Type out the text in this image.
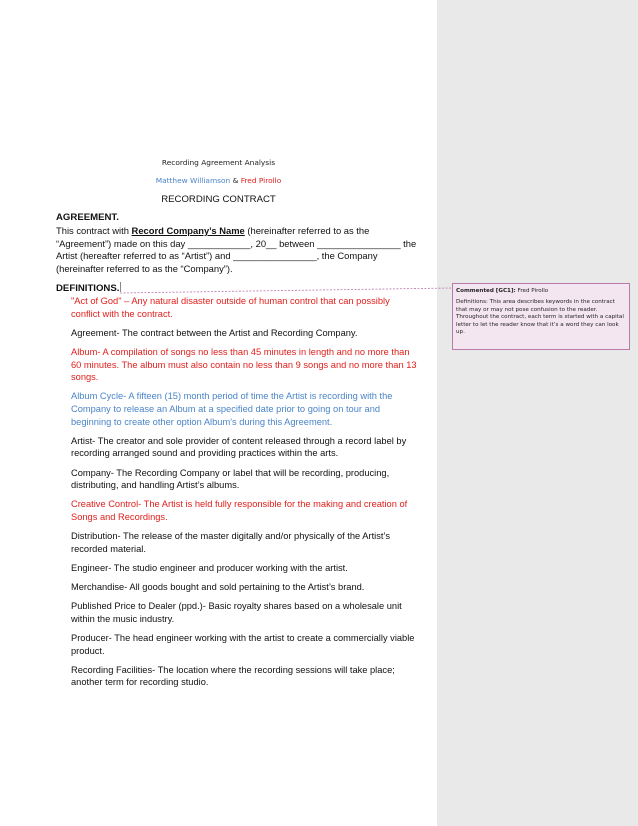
Recording Agreement Analysis
Matthew Williamson & Fred Pirollo
RECORDING CONTRACT
AGREEMENT.
This contract with Record Company’s Name (hereinafter referred to as the
“Agreement”) made on this day ____________, 20__ between ________________ the
Artist (hereafter referred to as “Artist”) and ________________, the Company
(hereinafter referred to as the “Company”).
DEFINITIONS.
"Act of God" – Any natural disaster outside of human control that can possibly
conflict with the contract.
Agreement- The contract between the Artist and Recording Company.
Album- A compilation of songs no less than 45 minutes in length and no more than
60 minutes. The album must also contain no less than 9 songs and no more than 13
songs.
Album Cycle- A fifteen (15) month period of time the Artist is recording with the
Company to release an Album at a specified date prior to going on tour and
beginning to create other option Album's during this Agreement.
Artist- The creator and sole provider of content released through a record label by
recording arranged sound and providing practices within the arts.
Company- The Recording Company or label that will be recording, producing,
distributing, and handling Artist’s albums.
Creative Control- The Artist is held fully responsible for the making and creation of
Songs and Recordings.
Distribution- The release of the master digitally and/or physically of the Artist’s
recorded material.
Engineer- The studio engineer and producer working with the artist.
Merchandise- All goods bought and sold pertaining to the Artist’s brand.
Published Price to Dealer (ppd.)- Basic royalty shares based on a wholesale unit
within the music industry.
Producer- The head engineer working with the artist to create a commercially viable
product.
Recording Facilities- The location where the recording sessions will take place;
another term for recording studio.
Commented [GC1]: Fred Pirollo
Definitions: This area describes keywords in the contract
that may or may not pose confusion to the reader.
Throughout the contract, each term is started with a capital
letter to let the reader know that it’s a word they can look
up.
